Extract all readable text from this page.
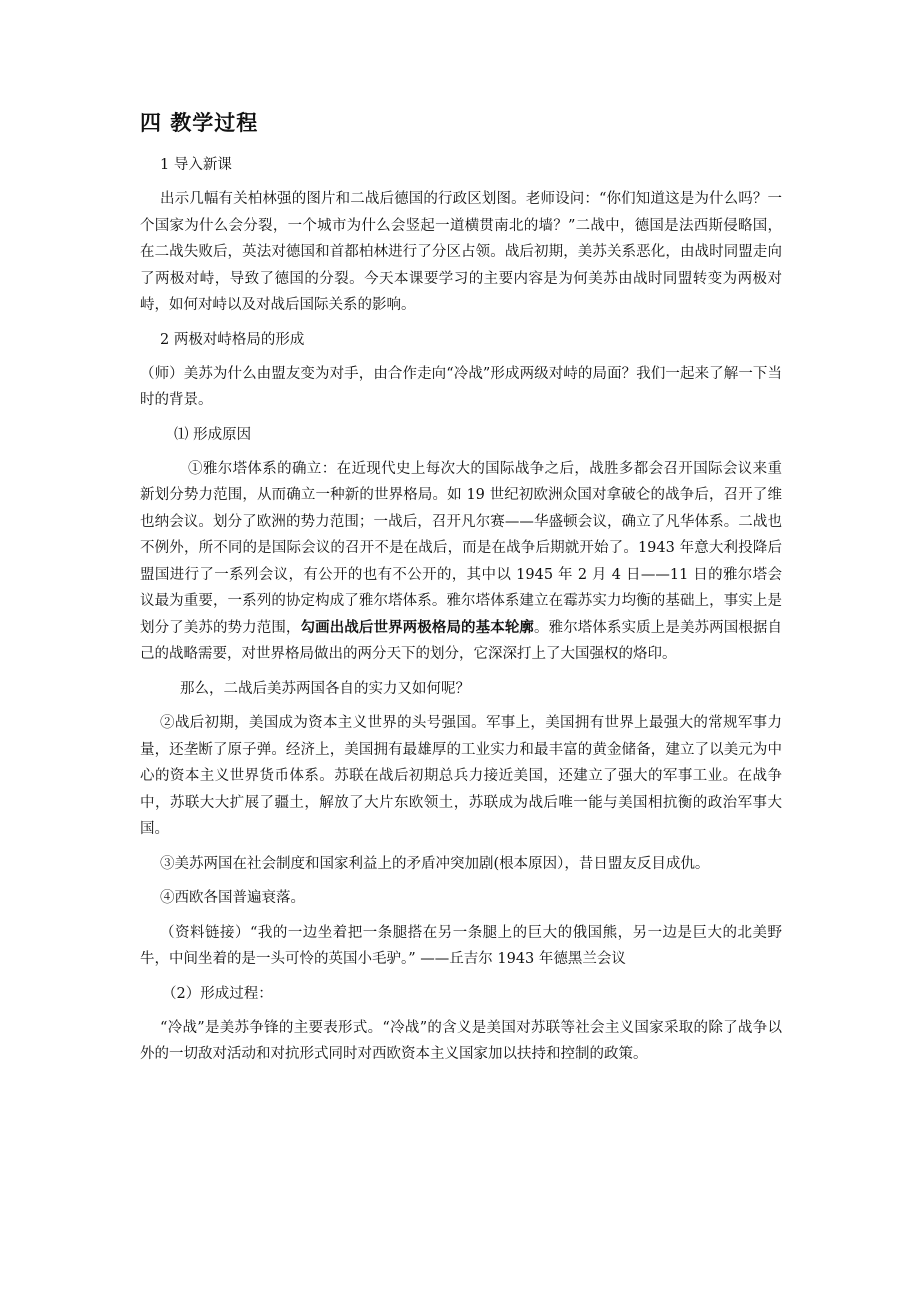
四 教学过程
1 导入新课
出示几幅有关柏林强的图片和二战后德国的行政区划图。老师设问：“你们知道这是为什么吗？一个国家为什么会分裂，一个城市为什么会竖起一道横贯南北的墙？”二战中，德国是法西斯侵略国，在二战失败后，英法对德国和首都柏林进行了分区占领。战后初期，美苏关系恶化，由战时同盟走向了两极对峙，导致了德国的分裂。今天本课要学习的主要内容是为何美苏由战时同盟转变为两极对峙，如何对峙以及对战后国际关系的影响。
2 两极对峙格局的形成
（师）美苏为什么由盟友变为对手，由合作走向“冷战”形成两级对峙的局面？我们一起来了解一下当时的背景。
⑴ 形成原因
①雅尔塔体系的确立：在近现代史上每次大的国际战争之后，战胜多都会召开国际会议来重新划分势力范围，从而确立一种新的世界格局。如 19 世纪初欧洲众国对拿破仑的战争后，召开了维也纳会议。划分了欧洲的势力范围；一战后，召开凡尔赛——华盛顿会议，确立了凡华体系。二战也不例外，所不同的是国际会议的召开不是在战后，而是在战争后期就开始了。1943 年意大利投降后盟国进行了一系列会议，有公开的也有不公开的，其中以 1945 年 2 月 4 日——11 日的雅尔塔会议最为重要，一系列的协定构成了雅尔塔体系。雅尔塔体系建立在霉苏实力均衡的基础上，事实上是划分了美苏的势力范围，勾画出战后世界两极格局的基本轮廓。雅尔塔体系实质上是美苏两国根据自己的战略需要，对世界格局做出的两分天下的划分，它深深打上了大国强权的烙印。
那么，二战后美苏两国各自的实力又如何呢？
②战后初期，美国成为资本主义世界的头号强国。军事上，美国拥有世界上最强大的常规军事力量，还垄断了原子弹。经济上，美国拥有最雄厚的工业实力和最丰富的黄金储备，建立了以美元为中心的资本主义世界货币体系。苏联在战后初期总兵力接近美国，还建立了强大的军事工业。在战争中，苏联大大扩展了疆土，解放了大片东欧领土，苏联成为战后唯一能与美国相抗衡的政治军事大国。
③美苏两国在社会制度和国家利益上的矛盾冲突加剧(根本原因），昔日盟友反目成仇。
④西欧各国普遍衰落。
（资料链接）“我的一边坐着把一条腿搭在另一条腿上的巨大的俄国熊，另一边是巨大的北美野牛，中间坐着的是一头可怜的英国小毛驴。” ——丘吉尔 1943 年德黑兰会议
（2）形成过程：
“冷战”是美苏争锋的主要表形式。“冷战”的含义是美国对苏联等社会主义国家采取的除了战争以外的一切敌对活动和对抗形式同时对西欧资本主义国家加以扶持和控制的政策。
